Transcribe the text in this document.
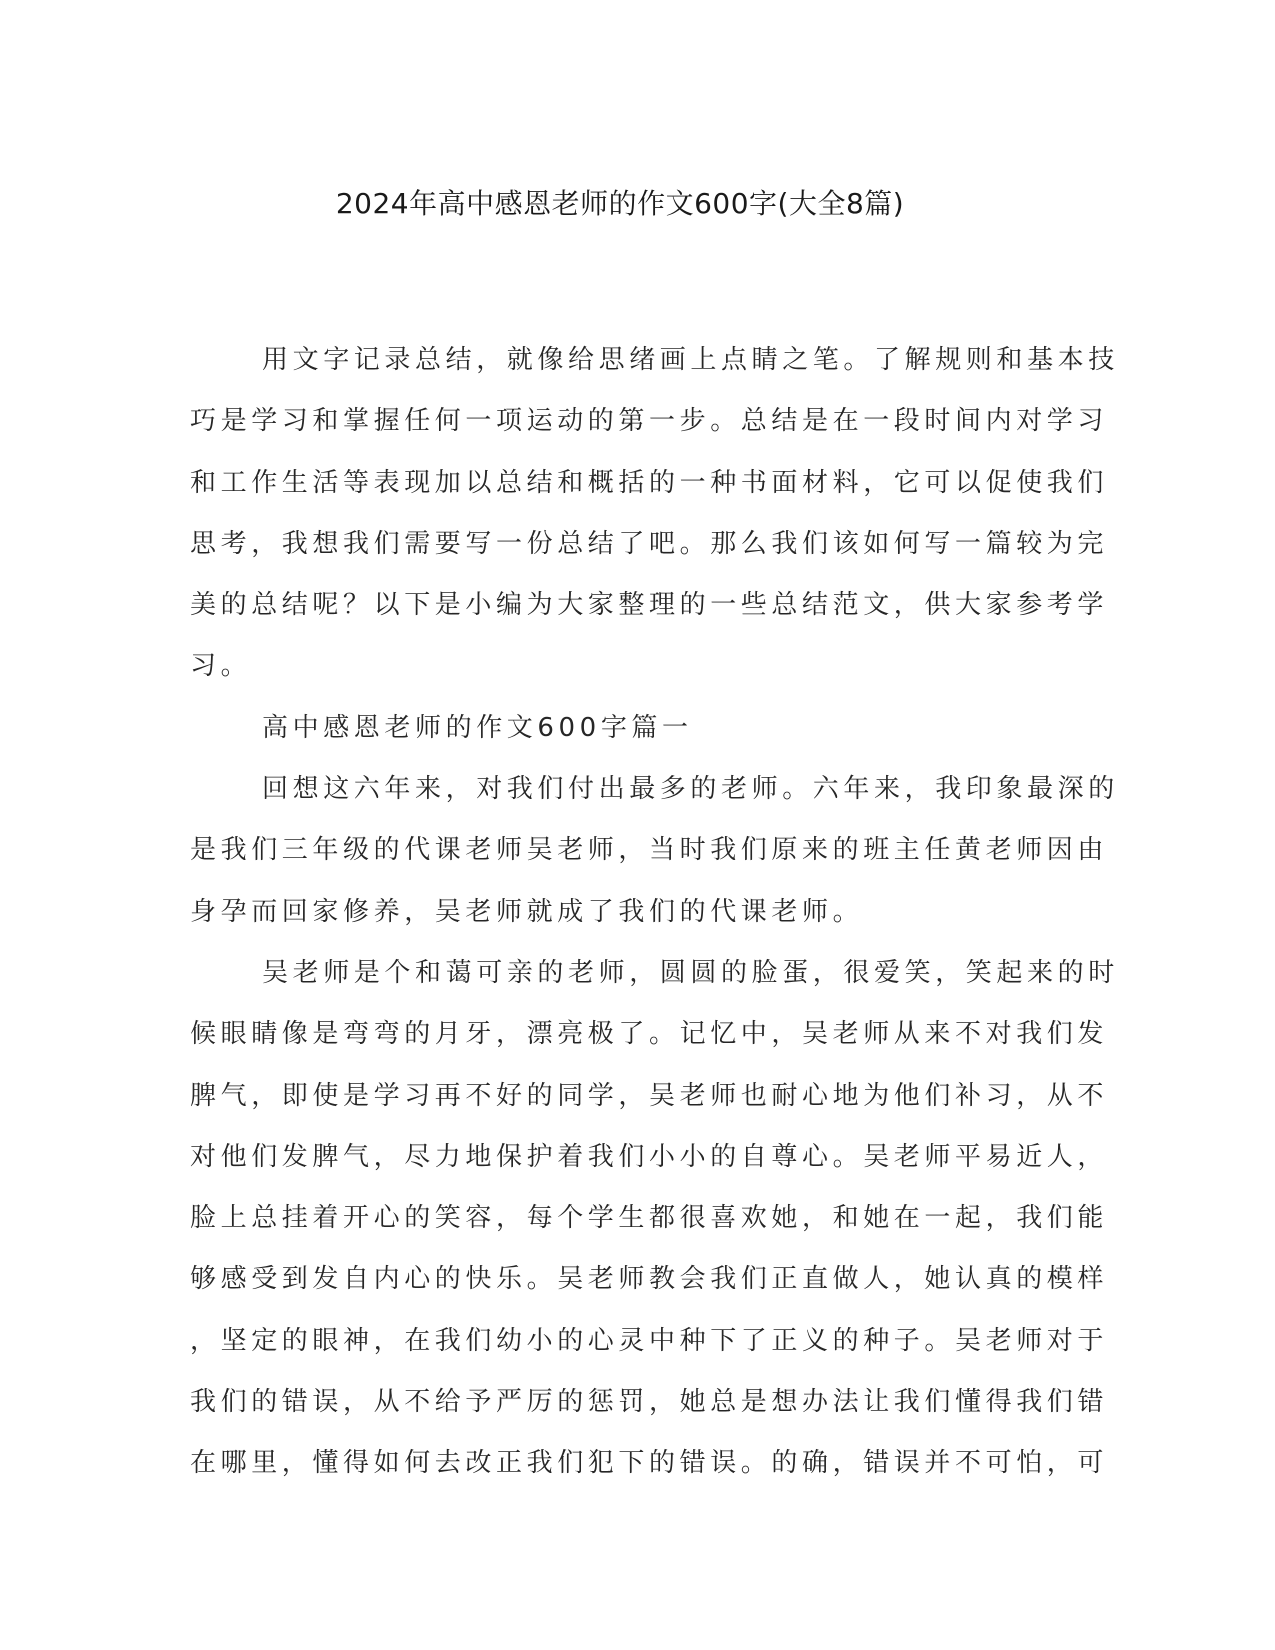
2024年高中感恩老师的作文600字(大全8篇)
用文字记录总结，就像给思绪画上点睛之笔。了解规则和基本技
巧是学习和掌握任何一项运动的第一步。总结是在一段时间内对学习
和工作生活等表现加以总结和概括的一种书面材料，它可以促使我们
思考，我想我们需要写一份总结了吧。那么我们该如何写一篇较为完
美的总结呢？以下是小编为大家整理的一些总结范文，供大家参考学
习。
高中感恩老师的作文600字篇一
回想这六年来，对我们付出最多的老师。六年来，我印象最深的
是我们三年级的代课老师吴老师，当时我们原来的班主任黄老师因由
身孕而回家修养，吴老师就成了我们的代课老师。
吴老师是个和蔼可亲的老师，圆圆的脸蛋，很爱笑，笑起来的时
候眼睛像是弯弯的月牙，漂亮极了。记忆中，吴老师从来不对我们发
脾气，即使是学习再不好的同学，吴老师也耐心地为他们补习，从不
对他们发脾气，尽力地保护着我们小小的自尊心。吴老师平易近人，
脸上总挂着开心的笑容，每个学生都很喜欢她，和她在一起，我们能
够感受到发自内心的快乐。吴老师教会我们正直做人，她认真的模样
，坚定的眼神，在我们幼小的心灵中种下了正义的种子。吴老师对于
我们的错误，从不给予严厉的惩罚，她总是想办法让我们懂得我们错
在哪里，懂得如何去改正我们犯下的错误。的确，错误并不可怕，可
